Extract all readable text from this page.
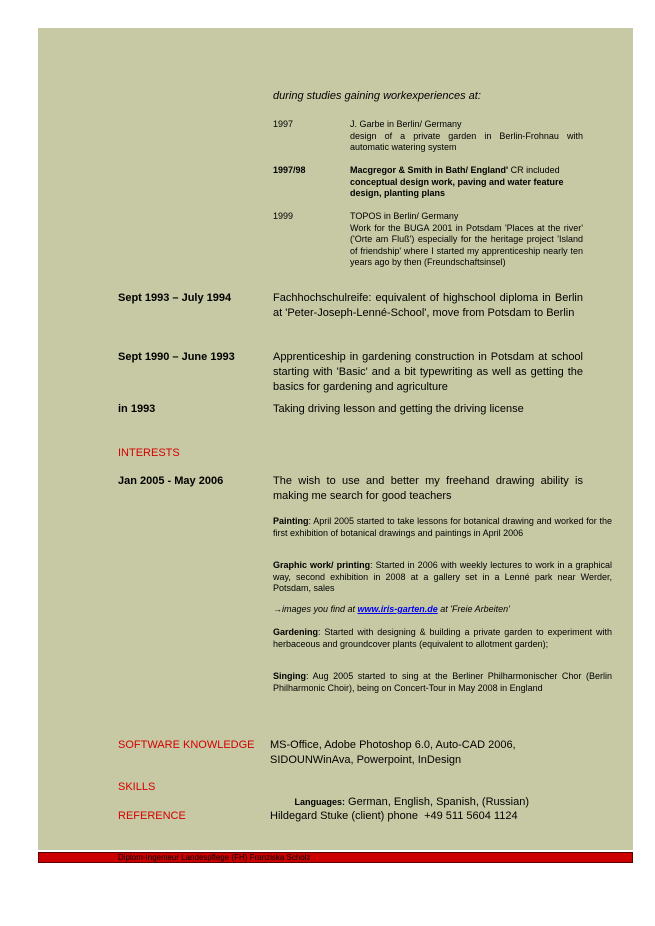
during studies gaining workexperiences at:
1997	J. Garbe in Berlin/ Germany
design of a private garden in Berlin-Frohnau with automatic watering system
1997/98	Macgregor & Smith in Bath/ England' CR included conceptual design work, paving and water feature design, planting plans
1999	TOPOS in Berlin/ Germany
Work for the BUGA 2001 in Potsdam 'Places at the river' ('Orte am Fluß') especially for the heritage project 'Island of friendship' where I started my apprenticeship nearly ten years ago by then (Freundschaftsinsel)
Sept 1993 – July 1994	Fachhochschulreife: equivalent of highschool diploma in Berlin at 'Peter-Joseph-Lenné-School', move from Potsdam to Berlin
Sept 1990 – June 1993	Apprenticeship in gardening construction in Potsdam at school starting with 'Basic' and a bit typewriting as well as getting the basics for gardening and agriculture
in 1993	Taking driving lesson and getting the driving license
INTERESTS
Jan 2005 - May 2006	The wish to use and better my freehand drawing ability is making me search for good teachers
Painting: April 2005 started to take lessons for botanical drawing and worked for the first exhibition of botanical drawings and paintings in April 2006
Graphic work/ printing: Started in 2006 with weekly lectures to work in a graphical way, second exhibition in 2008 at a gallery set in a Lenné park near Werder, Potsdam, sales
→images you find at www.iris-garten.de at 'Freie Arbeiten'
Gardening: Started with designing & building a private garden to experiment with herbaceous and groundcover plants (equivalent to allotment garden);
Singing: Aug 2005 started to sing at the Berliner Philharmonischer Chor (Berlin Philharmonic Choir), being on Concert-Tour in May 2008 in England
SOFTWARE KNOWLEDGE	MS-Office, Adobe Photoshop 6.0, Auto-CAD 2006, SIDOUNWinAva, Powerpoint, InDesign
SKILLS

Languages: German, English, Spanish, (Russian)

REFERENCE	Hildegard Stuke (client) phone  +49 511 5604 1124
Diplom-Ingenieur Landespflege (FH) Franziska Scholz
